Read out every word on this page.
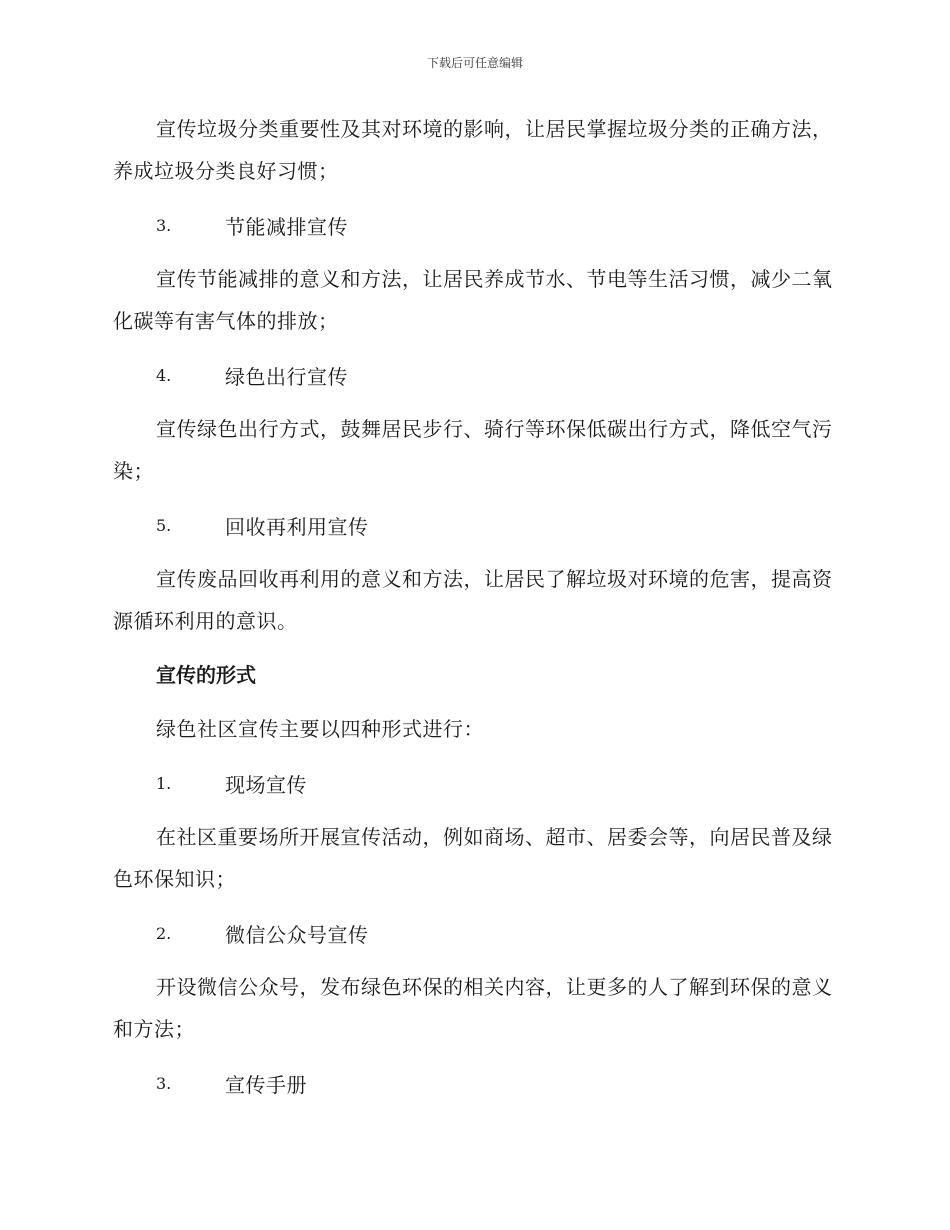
下载后可任意编辑

宣传垃圾分类重要性及其对环境的影响，让居民掌握垃圾分类的正确方法，养成垃圾分类良好习惯；

3.	节能减排宣传

宣传节能减排的意义和方法，让居民养成节水、节电等生活习惯，减少二氧化碳等有害气体的排放；

4.	绿色出行宣传

宣传绿色出行方式，鼓舞居民步行、骑行等环保低碳出行方式，降低空气污染；

5.	回收再利用宣传

宣传废品回收再利用的意义和方法，让居民了解垃圾对环境的危害，提高资源循环利用的意识。

宣传的形式

绿色社区宣传主要以四种形式进行：

1.	现场宣传

在社区重要场所开展宣传活动，例如商场、超市、居委会等，向居民普及绿色环保知识；

2.	微信公众号宣传

开设微信公众号，发布绿色环保的相关内容，让更多的人了解到环保的意义和方法；

3.	宣传手册
